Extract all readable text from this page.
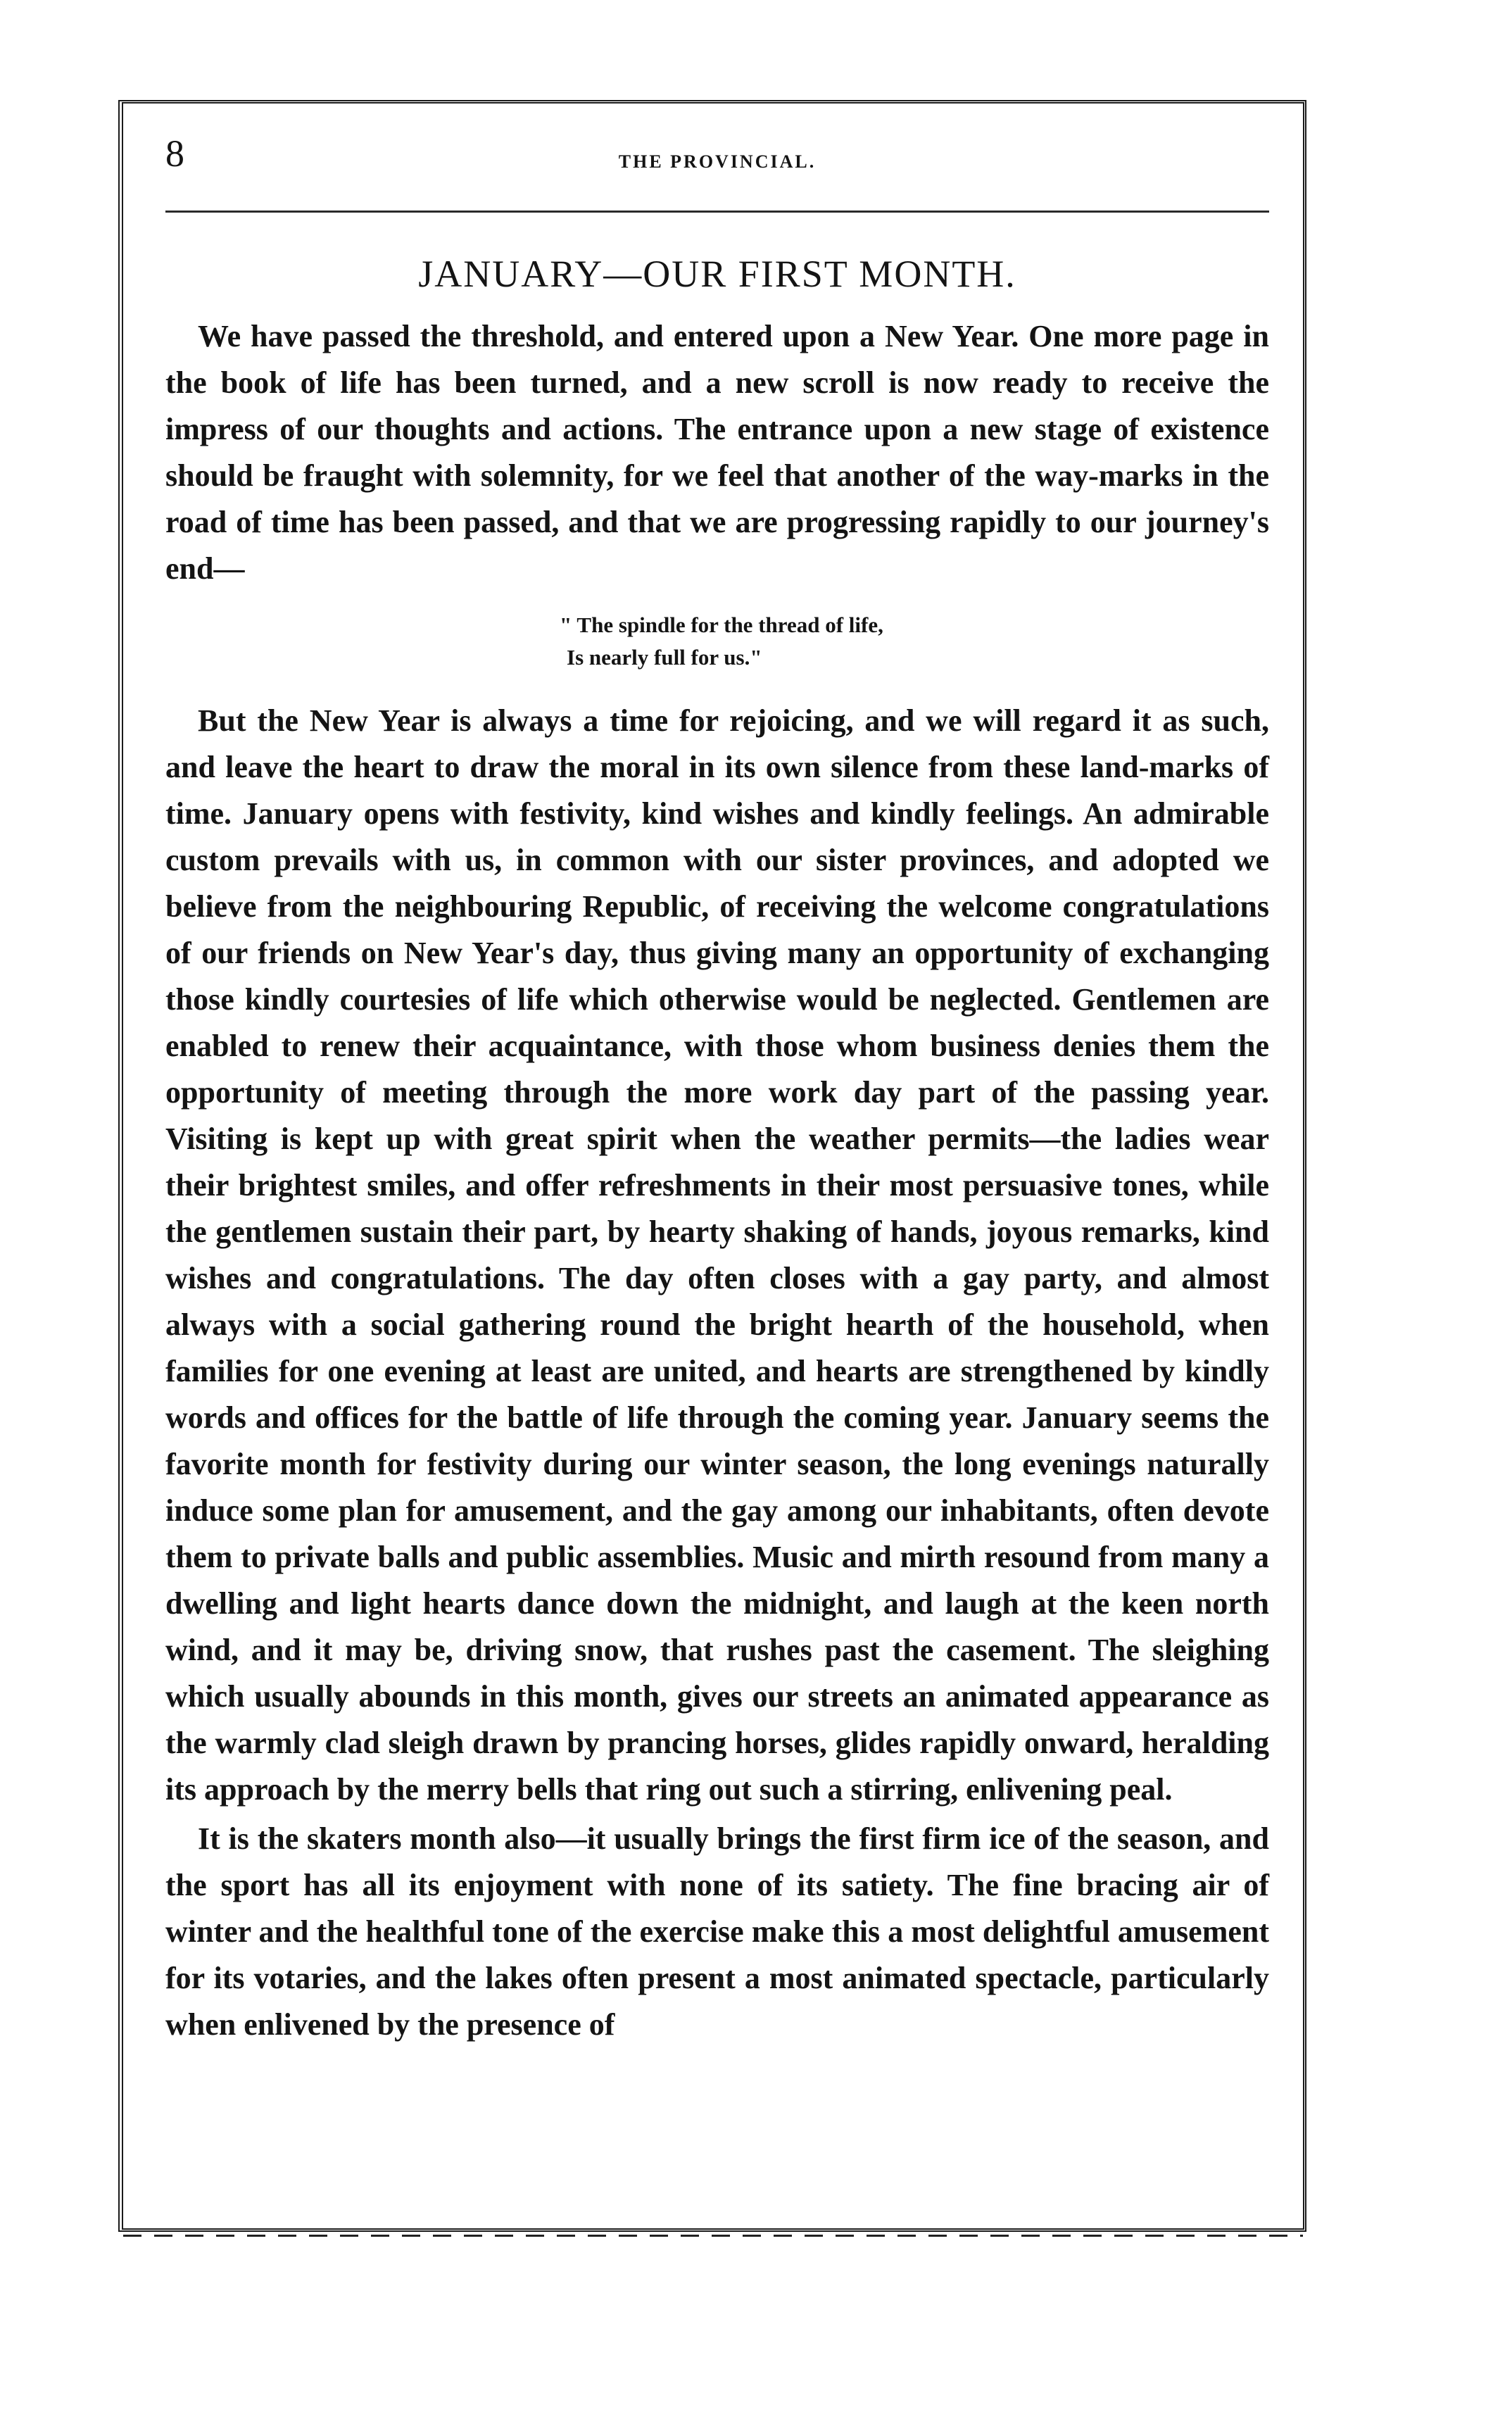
8	THE PROVINCIAL.
JANUARY—OUR FIRST MONTH.

We have passed the threshold, and entered upon a New Year. One more page in the book of life has been turned, and a new scroll is now ready to receive the impress of our thoughts and actions. The entrance upon a new stage of existence should be fraught with solemnity, for we feel that another of the way-marks in the road of time has been passed, and that we are progressing rapidly to our journey's end—

" The spindle for the thread of life,
Is nearly full for us."

But the New Year is always a time for rejoicing, and we will regard it as such, and leave the heart to draw the moral in its own silence from these land-marks of time. January opens with festivity, kind wishes and kindly feelings. An admirable custom prevails with us, in common with our sister provinces, and adopted we believe from the neighbouring Republic, of receiving the welcome congratulations of our friends on New Year's day, thus giving many an opportunity of exchanging those kindly courtesies of life which otherwise would be neglected. Gentlemen are enabled to renew their acquaintance, with those whom business denies them the opportunity of meeting through the more work day part of the passing year. Visiting is kept up with great spirit when the weather permits—the ladies wear their brightest smiles, and offer refreshments in their most persuasive tones, while the gentlemen sustain their part, by hearty shaking of hands, joyous remarks, kind wishes and congratulations. The day often closes with a gay party, and almost always with a social gathering round the bright hearth of the household, when families for one evening at least are united, and hearts are strengthened by kindly words and offices for the battle of life through the coming year. January seems the favorite month for festivity during our winter season, the long evenings naturally induce some plan for amusement, and the gay among our inhabitants, often devote them to private balls and public assemblies. Music and mirth resound from many a dwelling and light hearts dance down the midnight, and laugh at the keen north wind, and it may be, driving snow, that rushes past the casement. The sleighing which usually abounds in this month, gives our streets an animated appearance as the warmly clad sleigh drawn by prancing horses, glides rapidly onward, heralding its approach by the merry bells that ring out such a stirring, enlivening peal.

It is the skaters month also—it usually brings the first firm ice of the season, and the sport has all its enjoyment with none of its satiety. The fine bracing air of winter and the healthful tone of the exercise make this a most delightful amusement for its votaries, and the lakes often present a most animated spectacle, particularly when enlivened by the presence of
